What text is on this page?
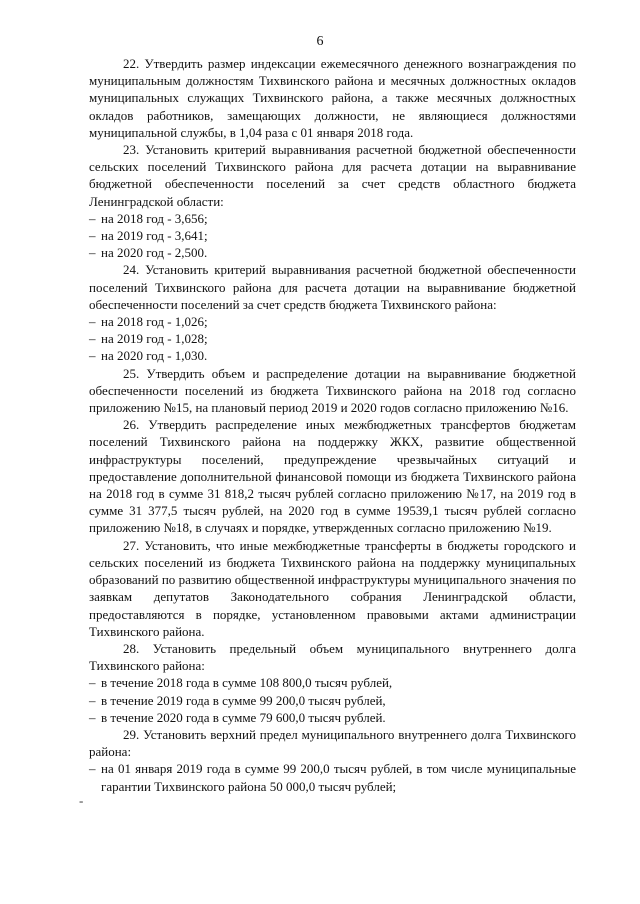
6

22. Утвердить размер индексации ежемесячного денежного вознаграждения по муниципальным должностям Тихвинского района и месячных должностных окладов муниципальных служащих Тихвинского района, а также месячных должностных окладов работников, замещающих должности, не являющиеся должностями муниципальной службы, в 1,04 раза с 01 января 2018 года.

23. Установить критерий выравнивания расчетной бюджетной обеспеченности сельских поселений Тихвинского района для расчета дотации на выравнивание бюджетной обеспеченности поселений за счет средств областного бюджета Ленинградской области:

– на 2018 год - 3,656;

– на 2019 год - 3,641;

– на 2020 год - 2,500.

24. Установить критерий выравнивания расчетной бюджетной обеспеченности поселений Тихвинского района для расчета дотации на выравнивание бюджетной обеспеченности поселений за счет средств бюджета Тихвинского района:

– на 2018 год - 1,026;

– на 2019 год - 1,028;

– на 2020 год - 1,030.

25. Утвердить объем и распределение дотации на выравнивание бюджетной обеспеченности поселений из бюджета Тихвинского района на 2018 год согласно приложению №15, на плановый период 2019 и 2020 годов согласно приложению №16.

26. Утвердить распределение иных межбюджетных трансфертов бюджетам поселений Тихвинского района на поддержку ЖКХ, развитие общественной инфраструктуры поселений, предупреждение чрезвычайных ситуаций и предоставление дополнительной финансовой помощи из бюджета Тихвинского района на 2018 год в сумме 31 818,2 тысяч рублей согласно приложению №17, на 2019 год в сумме 31 377,5 тысяч рублей, на 2020 год в сумме 19539,1 тысяч рублей согласно приложению №18, в случаях и порядке, утвержденных согласно приложению №19.

27. Установить, что иные межбюджетные трансферты в бюджеты городского и сельских поселений из бюджета Тихвинского района на поддержку муниципальных образований по развитию общественной инфраструктуры муниципального значения по заявкам депутатов Законодательного собрания Ленинградской области, предоставляются в порядке, установленном правовыми актами администрации Тихвинского района.

28. Установить предельный объем муниципального внутреннего долга Тихвинского района:

– в течение 2018 года в сумме 108 800,0 тысяч рублей,

– в течение 2019 года в сумме 99 200,0 тысяч рублей,

– в течение 2020 года в сумме 79 600,0 тысяч рублей.

29. Установить верхний предел муниципального внутреннего долга Тихвинского района:

– на 01 января 2019 года в сумме 99 200,0 тысяч рублей, в том числе муниципальные гарантии Тихвинского района 50 000,0 тысяч рублей;

-
